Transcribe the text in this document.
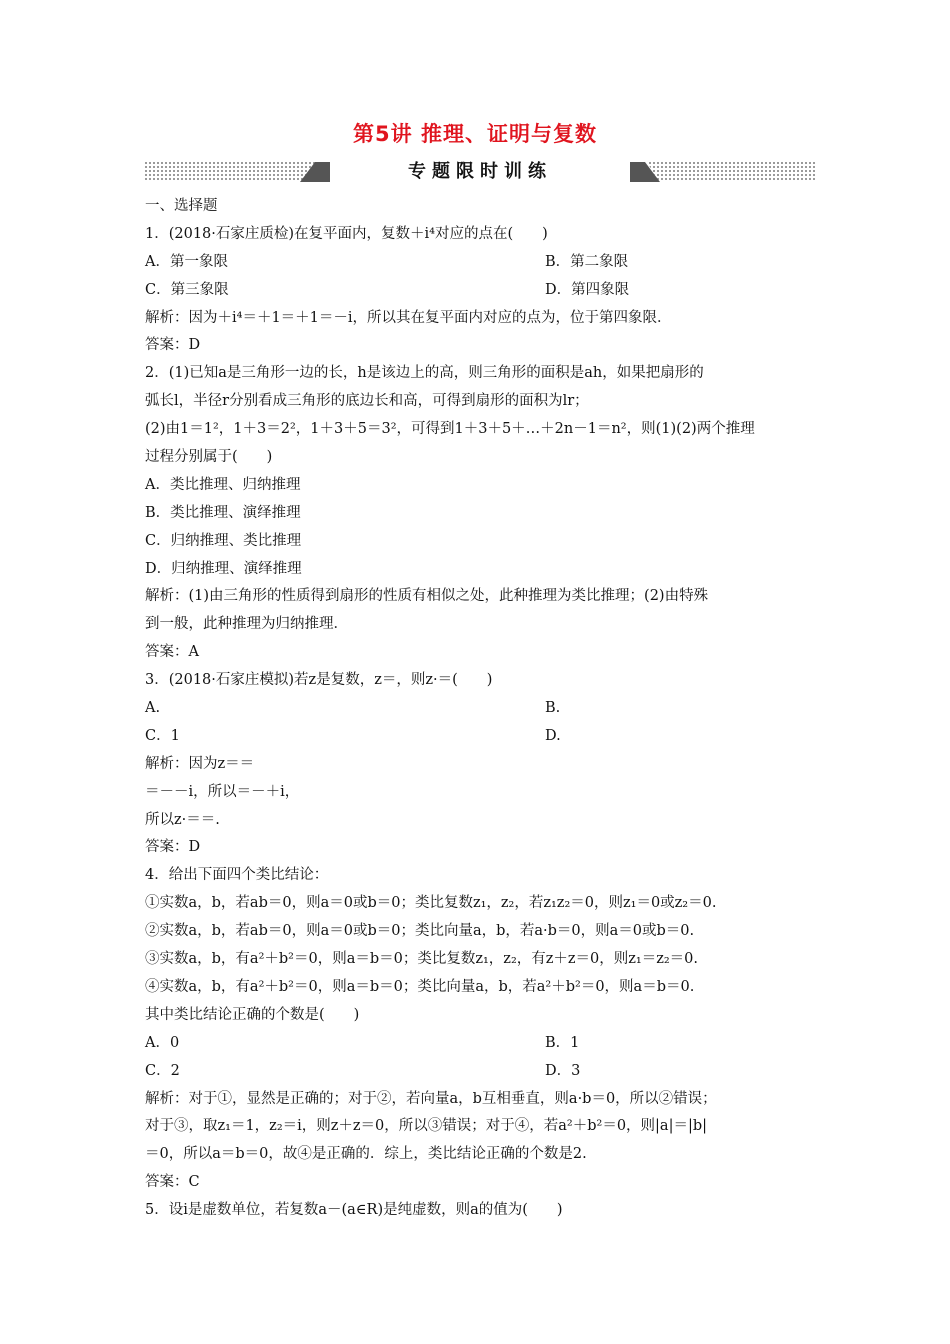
第5讲 推理、证明与复数
专题限时训练
一、选择题
1．(2018·石家庄质检)在复平面内，复数＋i⁴对应的点在(　　)
A．第一象限	B．第二象限
C．第三象限	D．第四象限
解析：因为＋i⁴＝＋1＝＋1＝－i，所以其在复平面内对应的点为，位于第四象限．
答案：D
2．(1)已知a是三角形一边的长，h是该边上的高，则三角形的面积是ah，如果把扇形的
弧长l，半径r分别看成三角形的底边长和高，可得到扇形的面积为lr；
(2)由1＝1²，1＋3＝2²，1＋3＋5＝3²，可得到1＋3＋5＋…＋2n－1＝n²，则(1)(2)两个推理
过程分别属于(　　)
A．类比推理、归纳推理
B．类比推理、演绎推理
C．归纳推理、类比推理
D．归纳推理、演绎推理
解析：(1)由三角形的性质得到扇形的性质有相似之处，此种推理为类比推理；(2)由特殊
到一般，此种推理为归纳推理．
答案：A
3．(2018·石家庄模拟)若z是复数，z＝，则z·＝(　　)
A.	B.
C．1	D.
解析：因为z＝＝
＝－－i，所以＝－＋i，
所以z·＝＝.
答案：D
4．给出下面四个类比结论：
①实数a，b，若ab＝0，则a＝0或b＝0；类比复数z₁，z₂，若z₁z₂＝0，则z₁＝0或z₂＝0.
②实数a，b，若ab＝0，则a＝0或b＝0；类比向量a，b，若a·b＝0，则a＝0或b＝0.
③实数a，b，有a²＋b²＝0，则a＝b＝0；类比复数z₁，z₂，有z＋z＝0，则z₁＝z₂＝0.
④实数a，b，有a²＋b²＝0，则a＝b＝0；类比向量a，b，若a²＋b²＝0，则a＝b＝0.
其中类比结论正确的个数是(　　)
A．0	B．1
C．2	D．3
解析：对于①，显然是正确的；对于②，若向量a，b互相垂直，则a·b＝0，所以②错误；
对于③，取z₁＝1，z₂＝i，则z＋z＝0，所以③错误；对于④，若a²＋b²＝0，则|a|＝|b|
＝0，所以a＝b＝0，故④是正确的．综上，类比结论正确的个数是2.
答案：C
5．设i是虚数单位，若复数a－(a∈R)是纯虚数，则a的值为(　　)
